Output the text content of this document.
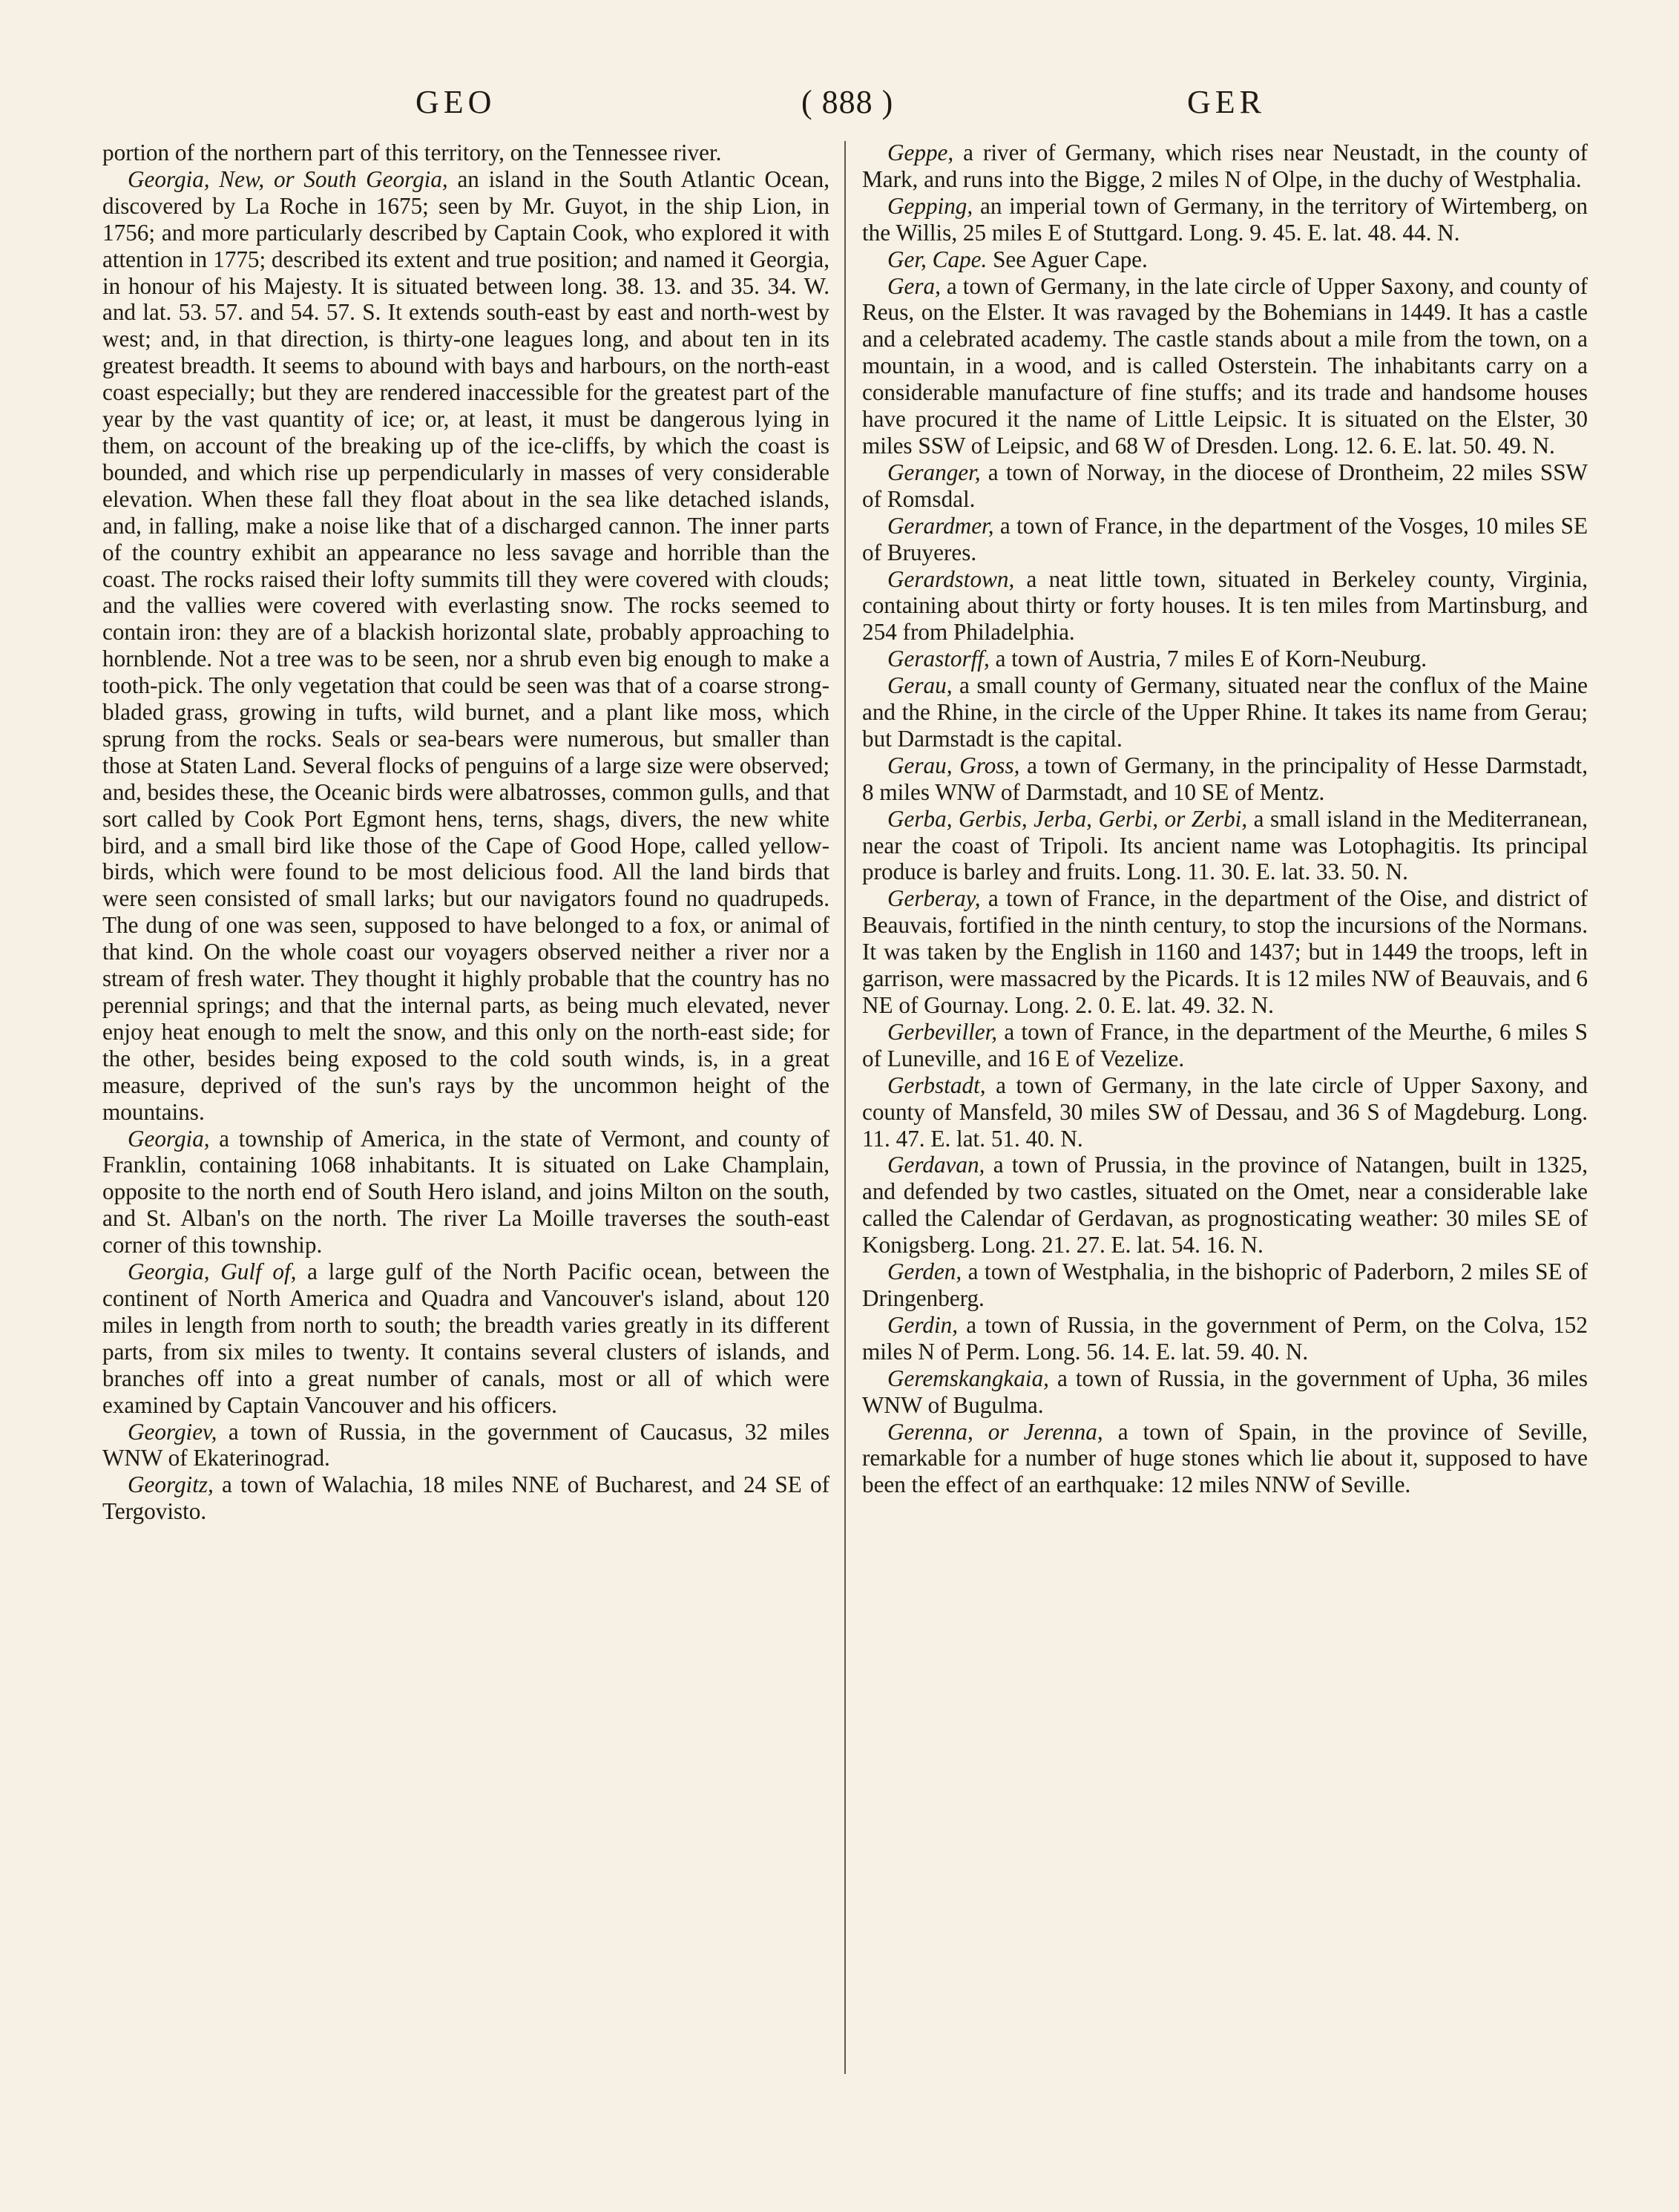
GEO	( 888 )	GER

portion of the northern part of this territory, on the Tennessee river.

Georgia, New, or South Georgia, an island in the South Atlantic Ocean, discovered by La Roche in 1675; seen by Mr. Guyot, in the ship Lion, in 1756; and more particularly described by Captain Cook, who explored it with attention in 1775; described its extent and true position; and named it Georgia, in honour of his Majesty. It is situated between long. 38. 13. and 35. 34. W. and lat. 53. 57. and 54. 57. S. It extends south-east by east and north-west by west; and, in that direction, is thirty-one leagues long, and about ten in its greatest breadth. It seems to abound with bays and harbours, on the north-east coast especially; but they are rendered inaccessible for the greatest part of the year by the vast quantity of ice; or, at least, it must be dangerous lying in them, on account of the breaking up of the ice-cliffs, by which the coast is bounded, and which rise up perpendicularly in masses of very considerable elevation. When these fall they float about in the sea like detached islands, and, in falling, make a noise like that of a discharged cannon. The inner parts of the country exhibit an appearance no less savage and horrible than the coast. The rocks raised their lofty summits till they were covered with clouds; and the vallies were covered with everlasting snow. The rocks seemed to contain iron: they are of a blackish horizontal slate, probably approaching to hornblende. Not a tree was to be seen, nor a shrub even big enough to make a tooth-pick. The only vegetation that could be seen was that of a coarse strong-bladed grass, growing in tufts, wild burnet, and a plant like moss, which sprung from the rocks. Seals or sea-bears were numerous, but smaller than those at Staten Land. Several flocks of penguins of a large size were observed; and, besides these, the Oceanic birds were albatrosses, common gulls, and that sort called by Cook Port Egmont hens, terns, shags, divers, the new white bird, and a small bird like those of the Cape of Good Hope, called yellow-birds, which were found to be most delicious food. All the land birds that were seen consisted of small larks; but our navigators found no quadrupeds. The dung of one was seen, supposed to have belonged to a fox, or animal of that kind. On the whole coast our voyagers observed neither a river nor a stream of fresh water. They thought it highly probable that the country has no perennial springs; and that the internal parts, as being much elevated, never enjoy heat enough to melt the snow, and this only on the north-east side; for the other, besides being exposed to the cold south winds, is, in a great measure, deprived of the sun's rays by the uncommon height of the mountains.

Georgia, a township of America, in the state of Vermont, and county of Franklin, containing 1068 inhabitants. It is situated on Lake Champlain, opposite to the north end of South Hero island, and joins Milton on the south, and St. Alban's on the north. The river La Moille traverses the south-east corner of this township.

Georgia, Gulf of, a large gulf of the North Pacific ocean, between the continent of North America and Quadra and Vancouver's island, about 120 miles in length from north to south; the breadth varies greatly in its different parts, from six miles to twenty. It contains several clusters of islands, and branches off into a great number of canals, most or all of which were examined by Captain Vancouver and his officers.

Georgiev, a town of Russia, in the government of Caucasus, 32 miles WNW of Ekaterinograd.

Georgitz, a town of Walachia, 18 miles NNE of Bucharest, and 24 SE of Tergovisto.

Geppe, a river of Germany, which rises near Neustadt, in the county of Mark, and runs into the Bigge, 2 miles N of Olpe, in the duchy of Westphalia.

Gepping, an imperial town of Germany, in the territory of Wirtemberg, on the Willis, 25 miles E of Stuttgard. Long. 9. 45. E. lat. 48. 44. N.

Ger, Cape. See Aguer Cape.

Gera, a town of Germany, in the late circle of Upper Saxony, and county of Reus, on the Elster. It was ravaged by the Bohemians in 1449. It has a castle and a celebrated academy. The castle stands about a mile from the town, on a mountain, in a wood, and is called Osterstein. The inhabitants carry on a considerable manufacture of fine stuffs; and its trade and handsome houses have procured it the name of Little Leipsic. It is situated on the Elster, 30 miles SSW of Leipsic, and 68 W of Dresden. Long. 12. 6. E. lat. 50. 49. N.

Geranger, a town of Norway, in the diocese of Drontheim, 22 miles SSW of Romsdal.

Gerardmer, a town of France, in the department of the Vosges, 10 miles SE of Bruyeres.

Gerardstown, a neat little town, situated in Berkeley county, Virginia, containing about thirty or forty houses. It is ten miles from Martinsburg, and 254 from Philadelphia.

Gerastorff, a town of Austria, 7 miles E of Korn-Neuburg.

Gerau, a small county of Germany, situated near the conflux of the Maine and the Rhine, in the circle of the Upper Rhine. It takes its name from Gerau; but Darmstadt is the capital.

Gerau, Gross, a town of Germany, in the principality of Hesse Darmstadt, 8 miles WNW of Darmstadt, and 10 SE of Mentz.

Gerba, Gerbis, Jerba, Gerbi, or Zerbi, a small island in the Mediterranean, near the coast of Tripoli. Its ancient name was Lotophagitis. Its principal produce is barley and fruits. Long. 11. 30. E. lat. 33. 50. N.

Gerberay, a town of France, in the department of the Oise, and district of Beauvais, fortified in the ninth century, to stop the incursions of the Normans. It was taken by the English in 1160 and 1437; but in 1449 the troops, left in garrison, were massacred by the Picards. It is 12 miles NW of Beauvais, and 6 NE of Gournay. Long. 2. 0. E. lat. 49. 32. N.

Gerbeviller, a town of France, in the department of the Meurthe, 6 miles S of Luneville, and 16 E of Vezelize.

Gerbstadt, a town of Germany, in the late circle of Upper Saxony, and county of Mansfeld, 30 miles SW of Dessau, and 36 S of Magdeburg. Long. 11. 47. E. lat. 51. 40. N.

Gerdavan, a town of Prussia, in the province of Natangen, built in 1325, and defended by two castles, situated on the Omet, near a considerable lake called the Calendar of Gerdavan, as prognosticating weather: 30 miles SE of Konigsberg. Long. 21. 27. E. lat. 54. 16. N.

Gerden, a town of Westphalia, in the bishopric of Paderborn, 2 miles SE of Dringenberg.

Gerdin, a town of Russia, in the government of Perm, on the Colva, 152 miles N of Perm. Long. 56. 14. E. lat. 59. 40. N.

Geremskangkaia, a town of Russia, in the government of Upha, 36 miles WNW of Bugulma.

Gerenna, or Jerenna, a town of Spain, in the province of Seville, remarkable for a number of huge stones which lie about it, supposed to have been the effect of an earthquake: 12 miles NNW of Seville.
